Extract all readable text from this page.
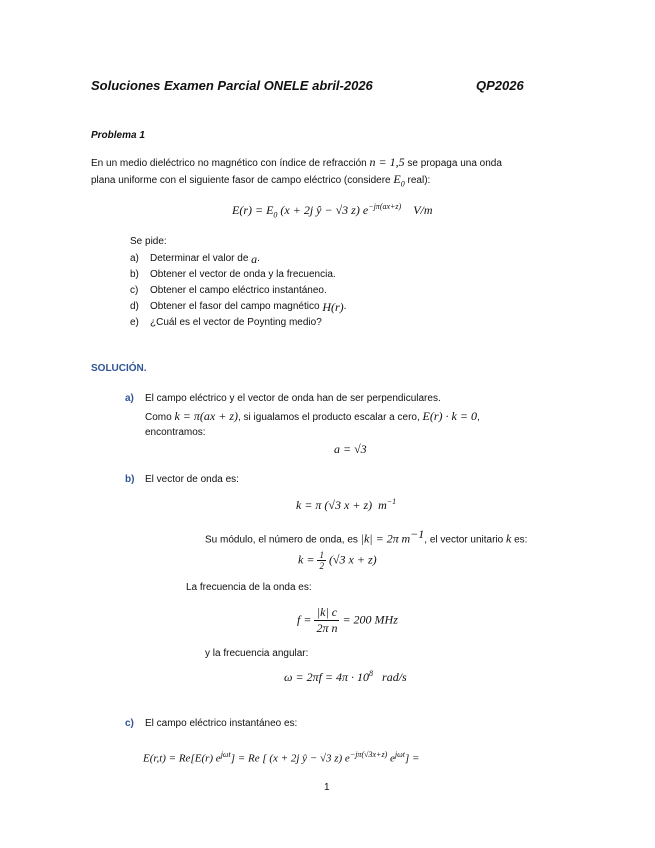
Soluciones Examen Parcial ONELE abril-2026	QP2026
Problema 1
En un medio dieléctrico no magnético con índice de refracción n = 1,5 se propaga una onda
plana uniforme con el siguiente fasor de campo eléctrico (considere $E_0$ real):
$E(r) = E_0$ (x + 2j ŷ − √3 z) $e^{-j\pi(ax+z)}$ V/m
Se pide:
a)	Determinar el valor de
a .
b)	Obtener el vector de onda y la frecuencia.
c)	Obtener el campo eléctrico instantáneo.
d)	Obtener el fasor del campo magnético
H(r) .
e)	¿Cuál es el vector de Poynting medio?
SOLUCIÓN.
a) El campo eléctrico y el vector de onda han de ser perpendiculares.
Como k = π(ax + z), si igualamos el producto escalar a cero, E(r) · k = 0,
encontramos:
a = √3
b) El vector de onda es:
k = π (√3 x + z) $m^{-1}$
Su módulo, el número de onda, es |k| = 2π $m^{-1}$, el vector unitario k es:
$k = \frac{1}{2} (√3$ x + z)
La frecuencia de la onda es:
$f = \frac{|k| c}{\text{2π n}} = 200$ MHz
y la frecuencia angular:
$\omega = 2\pi f = 4\pi \cdot 10^8$ rad/s
c) El campo eléctrico instantáneo es:
E(r,t) = Re[E(r) $e^{j\omega t}] = Re$ [ (x + 2j ŷ − √3 z) $e^{-j\pi(√3x+z)}$ $e^{j\omega t}$] =
1
